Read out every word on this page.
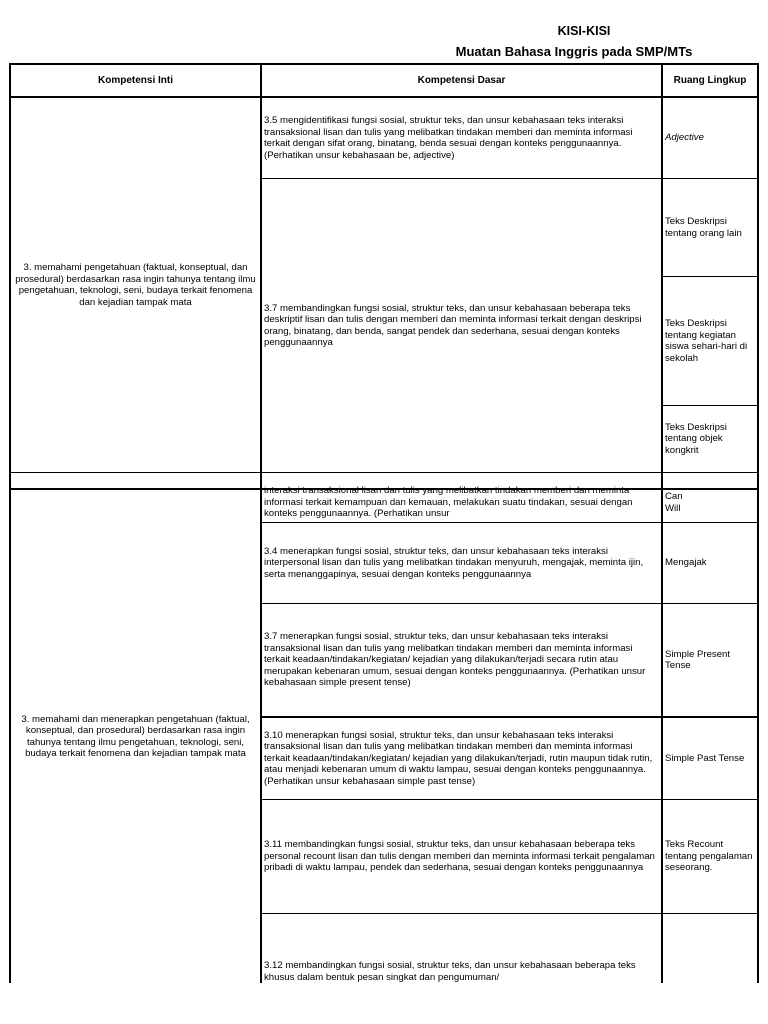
KISI-KISI
Muatan Bahasa Inggris pada SMP/MTs
Kompetensi Inti	Kompetensi Dasar	Ruang Lingkup
3. memahami pengetahuan (faktual, konseptual, dan prosedural) berdasarkan rasa ingin tahunya tentang ilmu pengetahuan, teknologi, seni, budaya terkait fenomena dan kejadian tampak mata
3.5 mengidentifikasi fungsi sosial, struktur teks, dan unsur kebahasaan teks interaksi transaksional lisan dan tulis yang melibatkan tindakan memberi dan meminta informasi terkait dengan sifat orang, binatang, benda sesuai dengan konteks penggunaannya. (Perhatikan unsur kebahasaan be, adjective)
Adjective
3.7 membandingkan fungsi sosial, struktur teks, dan unsur kebahasaan beberapa teks deskriptif lisan dan tulis dengan memberi dan meminta informasi terkait dengan deskripsi orang, binatang, dan benda, sangat pendek dan sederhana, sesuai dengan konteks penggunaannya
Teks Deskripsi tentang orang lain
Teks Deskripsi tentang kegiatan siswa sehari-hari di sekolah
Teks Deskripsi tentang objek kongkrit
3. memahami dan menerapkan pengetahuan (faktual, konseptual, dan prosedural) berdasarkan rasa ingin tahunya tentang ilmu pengetahuan, teknologi, seni, budaya terkait fenomena dan kejadian tampak mata
interaksi transaksional lisan dan tulis yang melibatkan tindakan memberi dan meminta informasi terkait kemampuan dan kemauan, melakukan suatu tindakan, sesuai dengan konteks penggunaannya. (Perhatikan unsur
Can
Will
3.4 menerapkan fungsi sosial, struktur teks, dan unsur kebahasaan teks interaksi interpersonal lisan dan tulis yang melibatkan tindakan menyuruh, mengajak, meminta ijin, serta menanggapinya, sesuai dengan konteks penggunaannya
Mengajak
3.7 menerapkan fungsi sosial, struktur teks, dan unsur kebahasaan teks interaksi transaksional lisan dan tulis yang melibatkan tindakan memberi dan meminta informasi terkait keadaan/tindakan/kegiatan/ kejadian yang dilakukan/terjadi secara rutin atau merupakan kebenaran umum, sesuai dengan konteks penggunaannya. (Perhatikan unsur kebahasaan simple present tense)
Simple Present Tense
3.10 menerapkan fungsi sosial, struktur teks, dan unsur kebahasaan teks interaksi transaksional lisan dan tulis yang melibatkan tindakan memberi dan meminta informasi terkait keadaan/tindakan/kegiatan/ kejadian yang dilakukan/terjadi, rutin maupun tidak rutin, atau menjadi kebenaran umum di waktu lampau, sesuai dengan konteks penggunaannya. (Perhatikan unsur kebahasaan simple past tense)
Simple Past Tense
3.11 membandingkan fungsi sosial, struktur teks, dan unsur kebahasaan beberapa teks personal recount lisan dan tulis dengan memberi dan meminta informasi terkait pengalaman pribadi di waktu lampau, pendek dan sederhana, sesuai dengan konteks penggunaannya
Teks Recount tentang pengalaman seseorang.
3.12 membandingkan fungsi sosial, struktur teks, dan unsur kebahasaan beberapa teks khusus dalam bentuk pesan singkat dan pengumuman/
